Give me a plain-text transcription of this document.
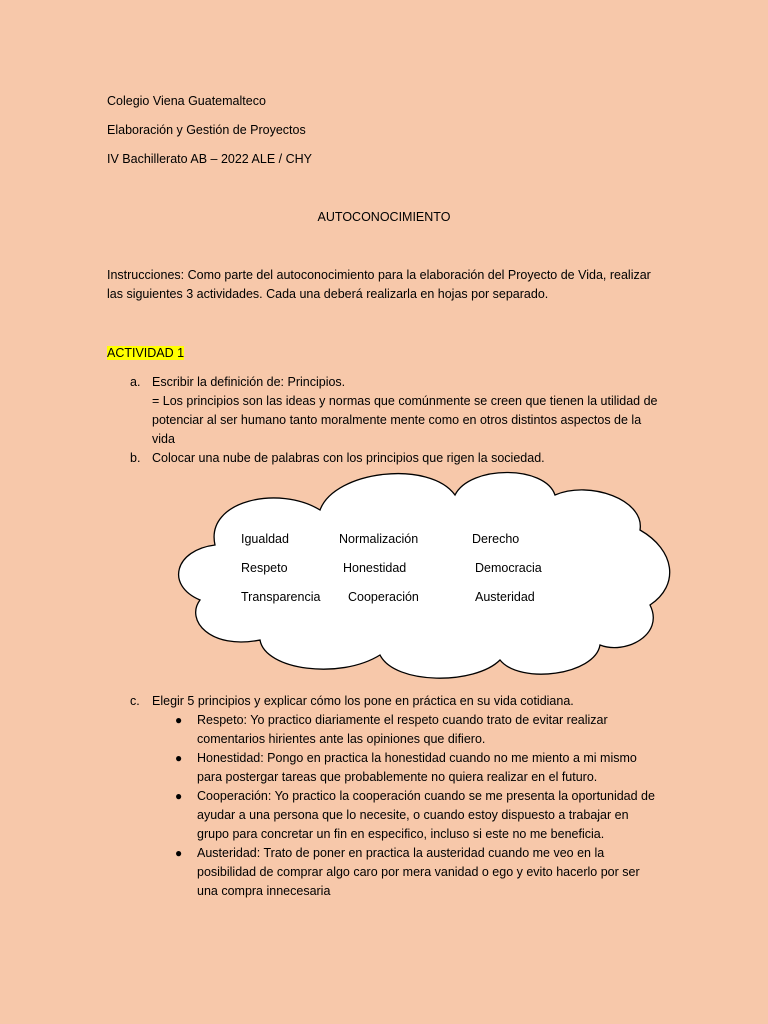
Colegio Viena Guatemalteco
Elaboración y Gestión de Proyectos
IV Bachillerato AB – 2022 ALE / CHY
AUTOCONOCIMIENTO
Instrucciones: Como parte del autoconocimiento para la elaboración del Proyecto de Vida, realizar las siguientes 3 actividades. Cada una deberá realizarla en hojas por separado.
ACTIVIDAD 1
a. Escribir la definición de: Principios.
= Los principios son las ideas y normas que comúnmente se creen que tienen la utilidad de
potenciar al ser humano tanto moralmente mente como en otros distintos aspectos de la
vida
b. Colocar una nube de palabras con los principios que rigen la sociedad.
Igualdad	Normalización	Derecho
Respeto	Honestidad	Democracia
Transparencia Cooperación	Austeridad
c. Elegir 5 principios y explicar cómo los pone en práctica en su vida cotidiana.
● Respeto: Yo practico diariamente el respeto cuando trato de evitar realizar
comentarios hirientes ante las opiniones que difiero.
● Honestidad: Pongo en practica la honestidad cuando no me miento a mi mismo
para postergar tareas que probablemente no quiera realizar en el futuro.
● Cooperación: Yo practico la cooperación cuando se me presenta la oportunidad de
ayudar a una persona que lo necesite, o cuando estoy dispuesto a trabajar en
grupo para concretar un fin en especifico, incluso si este no me beneficia.
● Austeridad: Trato de poner en practica la austeridad cuando me veo en la
posibilidad de comprar algo caro por mera vanidad o ego y evito hacerlo por ser
una compra innecesaria
